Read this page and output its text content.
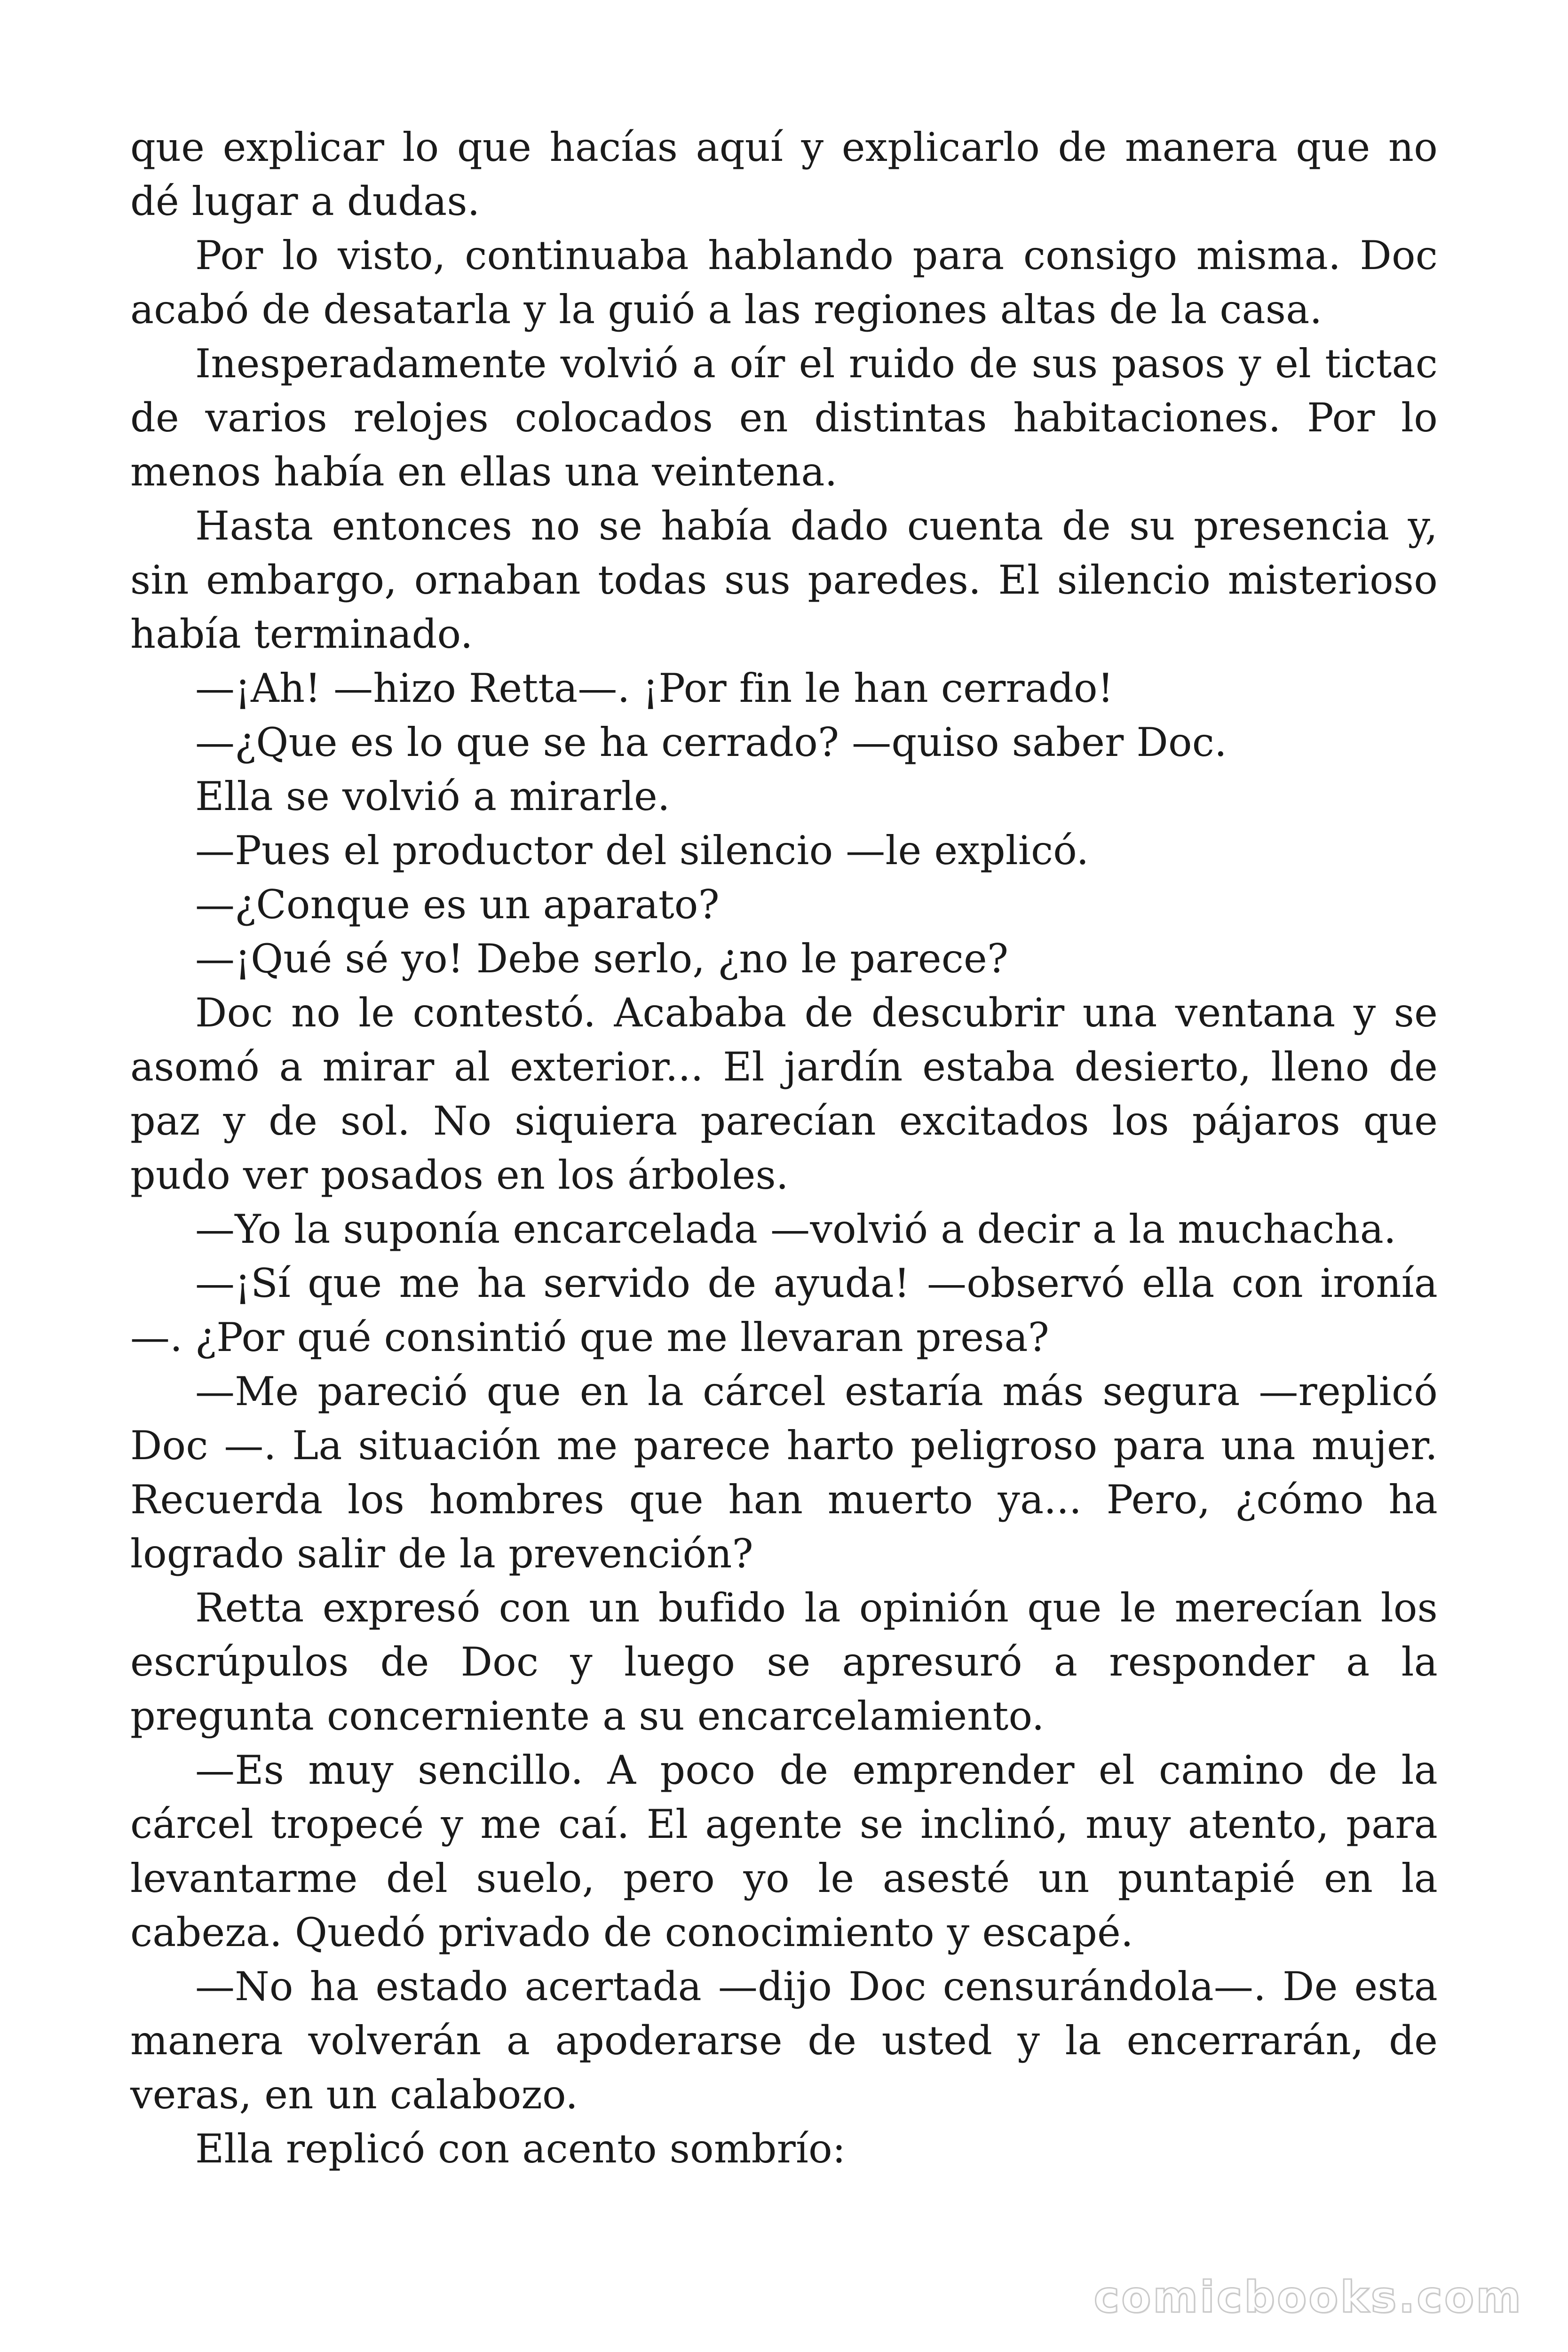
que explicar lo que hacías aquí y explicarlo de manera que no dé lugar a dudas.

Por lo visto, continuaba hablando para consigo misma. Doc acabó de desatarla y la guió a las regiones altas de la casa.

Inesperadamente volvió a oír el ruido de sus pasos y el tictac de varios relojes colocados en distintas habitaciones. Por lo menos había en ellas una veintena.

Hasta entonces no se había dado cuenta de su presencia y, sin embargo, ornaban todas sus paredes. El silencio misterioso había terminado.

—¡Ah! —hizo Retta—. ¡Por fin le han cerrado!

—¿Que es lo que se ha cerrado? —quiso saber Doc.

Ella se volvió a mirarle.

—Pues el productor del silencio —le explicó.

—¿Conque es un aparato?

—¡Qué sé yo! Debe serlo, ¿no le parece?

Doc no le contestó. Acababa de descubrir una ventana y se asomó a mirar al exterior... El jardín estaba desierto, lleno de paz y de sol. No siquiera parecían excitados los pájaros que pudo ver posados en los árboles.

—Yo la suponía encarcelada —volvió a decir a la muchacha.

—¡Sí que me ha servido de ayuda! —observó ella con ironía—. ¿Por qué consintió que me llevaran presa?

—Me pareció que en la cárcel estaría más segura —replicó Doc —. La situación me parece harto peligroso para una mujer. Recuerda los hombres que han muerto ya... Pero, ¿cómo ha logrado salir de la prevención?

Retta expresó con un bufido la opinión que le merecían los escrúpulos de Doc y luego se apresuró a responder a la pregunta concerniente a su encarcelamiento.

—Es muy sencillo. A poco de emprender el camino de la cárcel tropecé y me caí. El agente se inclinó, muy atento, para levantarme del suelo, pero yo le asesté un puntapié en la cabeza. Quedó privado de conocimiento y escapé.

—No ha estado acertada —dijo Doc censurándola—. De esta manera volverán a apoderarse de usted y la encerrarán, de veras, en un calabozo.

Ella replicó con acento sombrío:

comicbooks.com
